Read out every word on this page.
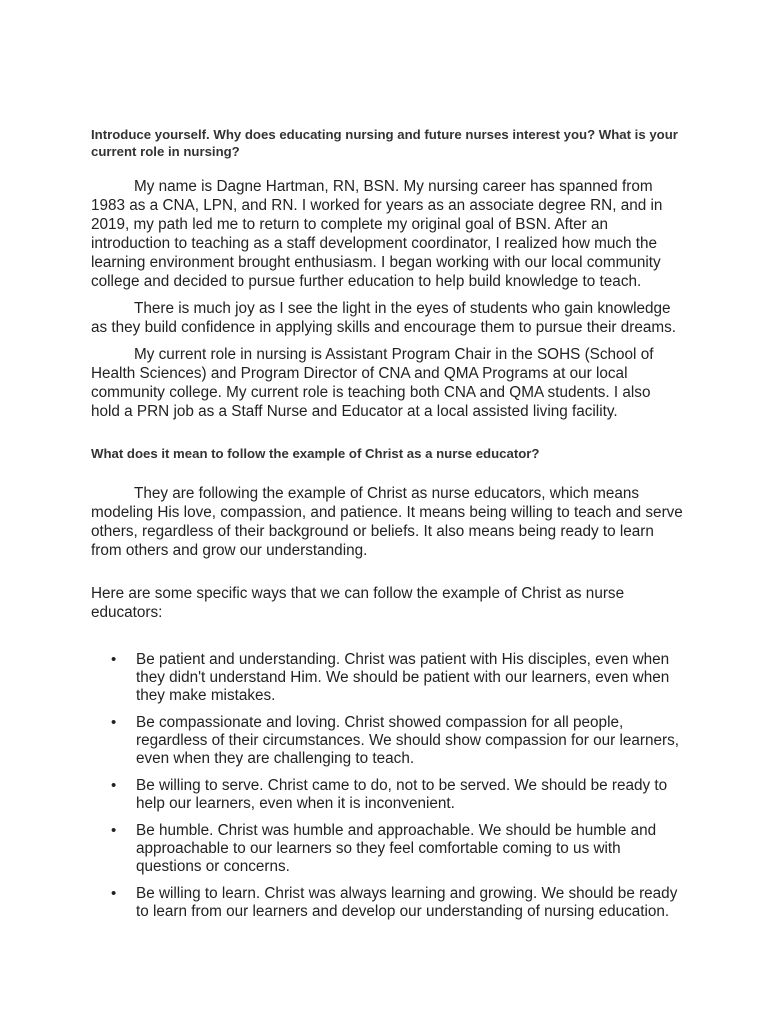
Introduce yourself. Why does educating nursing and future nurses interest you? What is your current role in nursing?

My name is Dagne Hartman, RN, BSN. My nursing career has spanned from 1983 as a CNA, LPN, and RN. I worked for years as an associate degree RN, and in 2019, my path led me to return to complete my original goal of BSN. After an introduction to teaching as a staff development coordinator, I realized how much the learning environment brought enthusiasm. I began working with our local community college and decided to pursue further education to help build knowledge to teach.

There is much joy as I see the light in the eyes of students who gain knowledge as they build confidence in applying skills and encourage them to pursue their dreams.

My current role in nursing is Assistant Program Chair in the SOHS (School of Health Sciences) and Program Director of CNA and QMA Programs at our local community college. My current role is teaching both CNA and QMA students. I also hold a PRN job as a Staff Nurse and Educator at a local assisted living facility.

What does it mean to follow the example of Christ as a nurse educator?

They are following the example of Christ as nurse educators, which means modeling His love, compassion, and patience. It means being willing to teach and serve others, regardless of their background or beliefs. It also means being ready to learn from others and grow our understanding.

Here are some specific ways that we can follow the example of Christ as nurse educators:

• Be patient and understanding. Christ was patient with His disciples, even when they didn't understand Him. We should be patient with our learners, even when they make mistakes.
• Be compassionate and loving. Christ showed compassion for all people, regardless of their circumstances. We should show compassion for our learners, even when they are challenging to teach.
• Be willing to serve. Christ came to do, not to be served. We should be ready to help our learners, even when it is inconvenient.
• Be humble. Christ was humble and approachable. We should be humble and approachable to our learners so they feel comfortable coming to us with questions or concerns.
• Be willing to learn. Christ was always learning and growing. We should be ready to learn from our learners and develop our understanding of nursing education.
